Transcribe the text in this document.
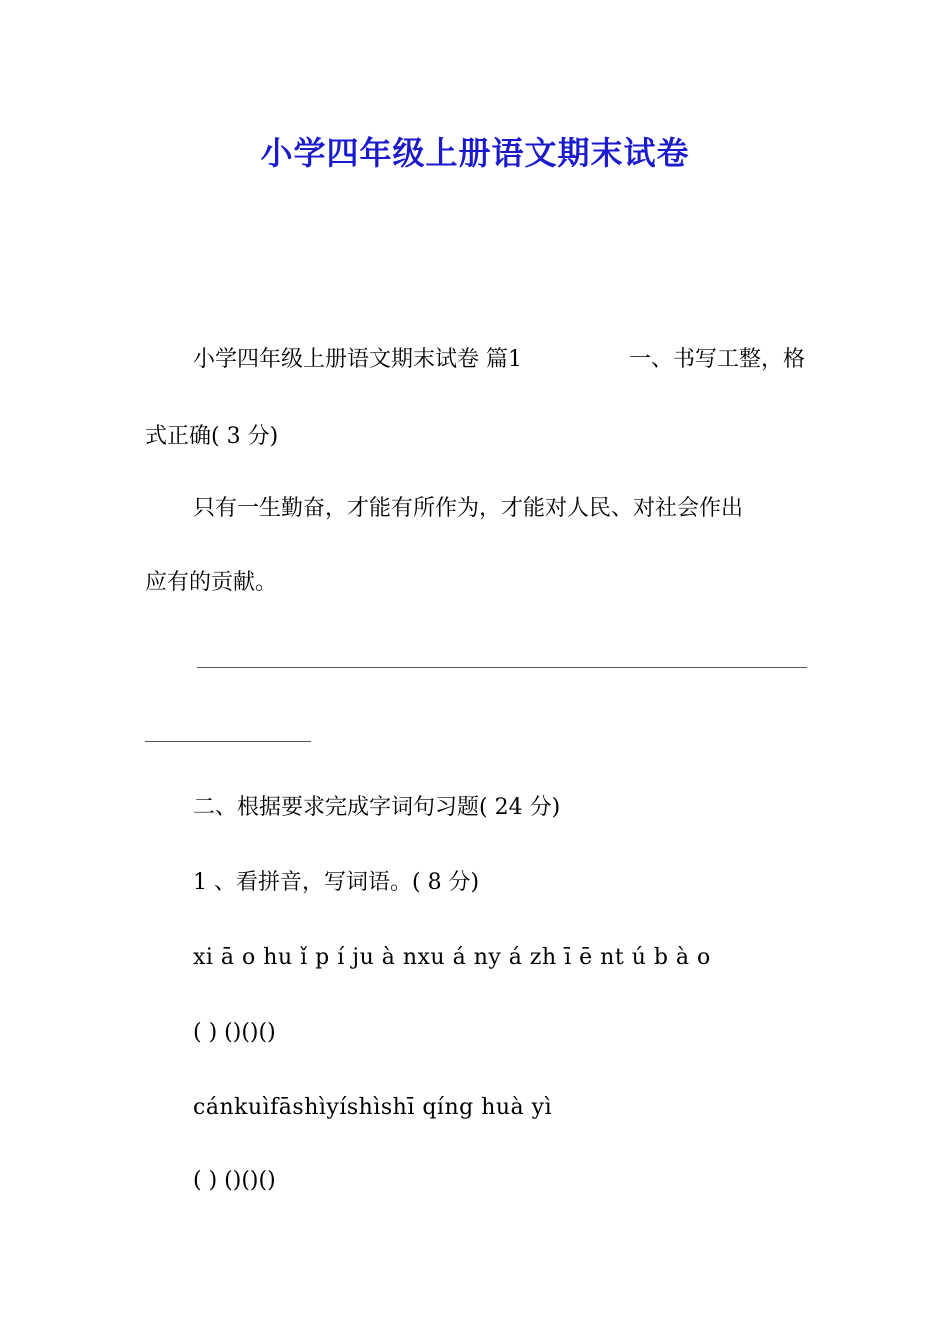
小学四年级上册语文期末试卷
小学四年级上册语文期末试卷 篇1	一、书写工整，格
式正确( 3 分)
只有一生勤奋，才能有所作为，才能对人民、对社会作出
应有的贡献。
二、根据要求完成字词句习题( 24 分)
1 、看拼音，写词语。( 8 分)
xi ā o hu ǐ p í ju à nxu á ny á zh ī ē nt ú b à o
( ) ()()()
cánkuìfāshìyíshìshī qíng huà yì
( ) ()()()
